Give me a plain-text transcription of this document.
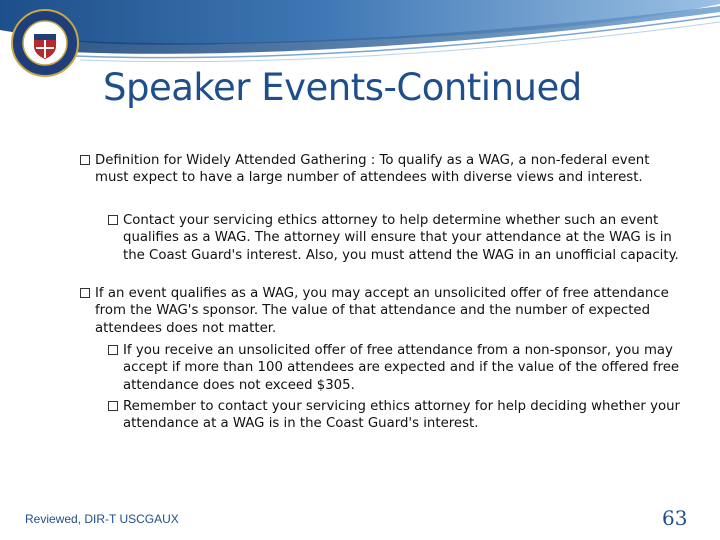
Speaker Events-Continued
Definition for Widely Attended Gathering : To qualify as a WAG, a non-federal event must expect to have a large number of attendees with diverse views and interest.
Contact your servicing ethics attorney to help determine whether such an event qualifies as a WAG. The attorney will ensure that your attendance at the WAG is in the Coast Guard's interest. Also, you must attend the WAG in an unofficial capacity.
If an event qualifies as a WAG, you may accept an unsolicited offer of free attendance from the WAG's sponsor. The value of that attendance and the number of expected attendees does not matter.
If you receive an unsolicited offer of free attendance from a non-sponsor, you may accept if more than 100 attendees are expected and if the value of the offered free attendance does not exceed $305.
Remember to contact your servicing ethics attorney for help deciding whether your attendance at a WAG is in the Coast Guard's interest.
Reviewed, DIR-T USCGAUX	63
